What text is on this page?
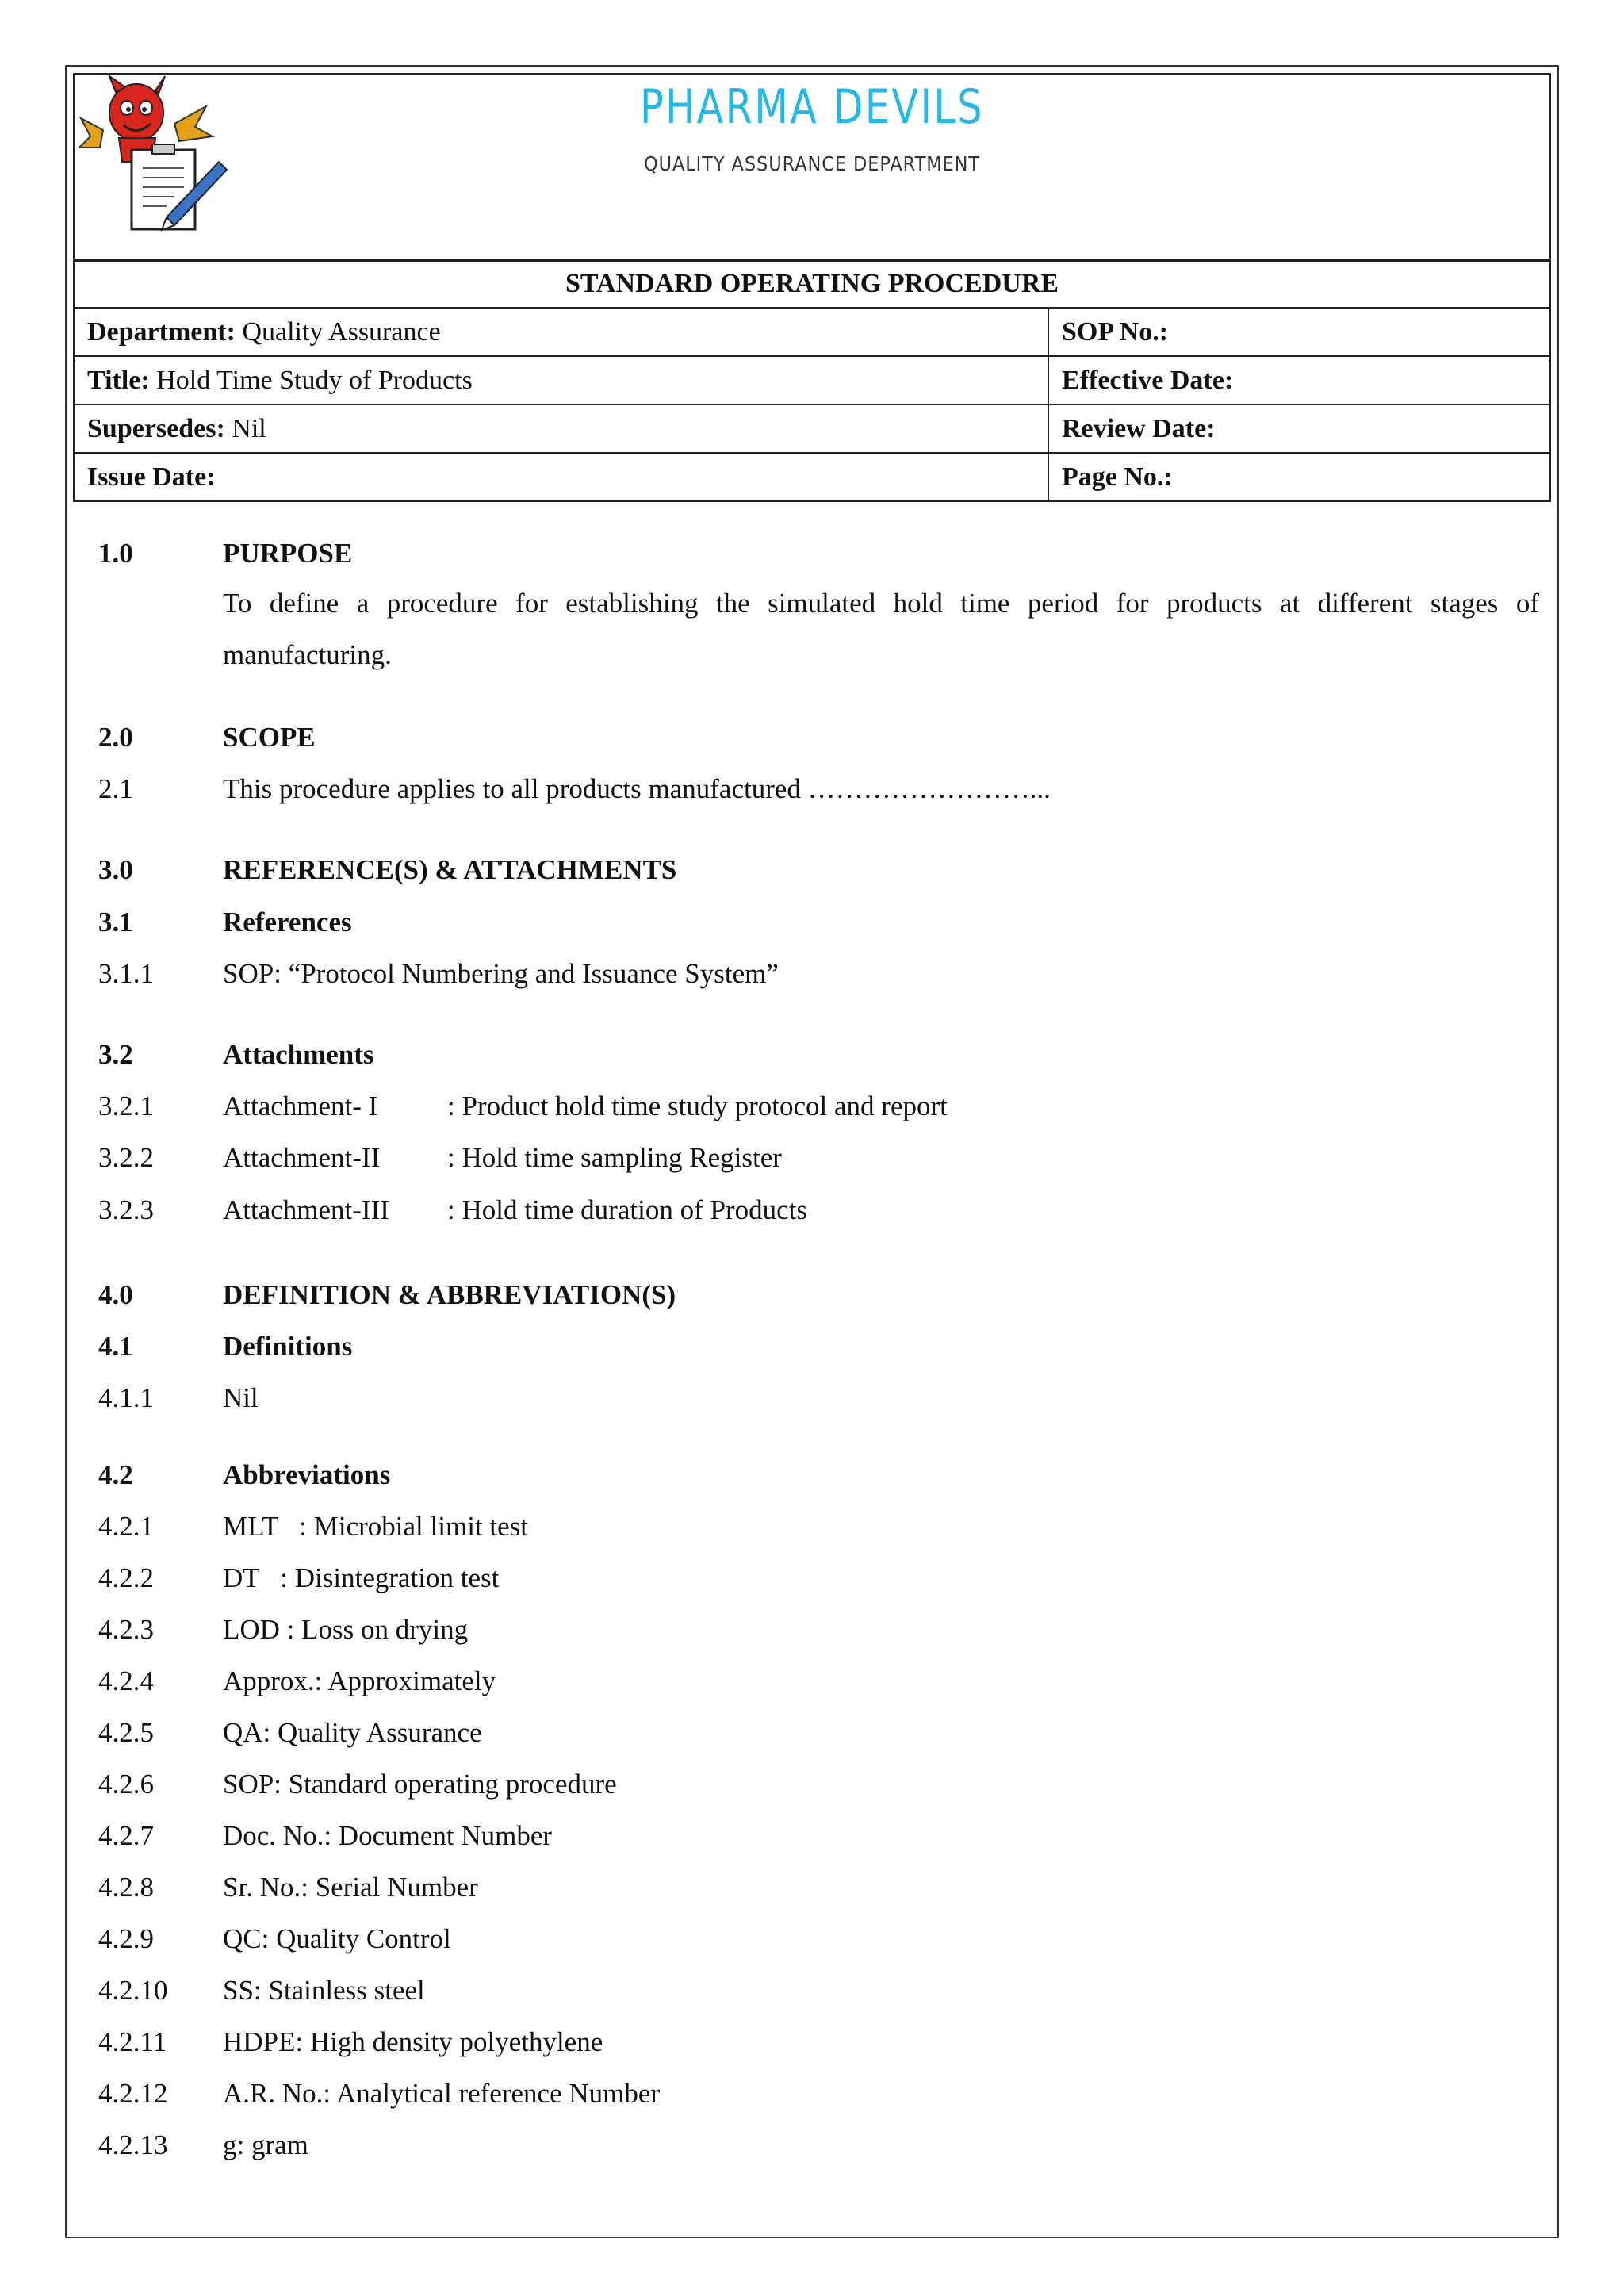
PHARMA DEVILS
QUALITY ASSURANCE DEPARTMENT
STANDARD OPERATING PROCEDURE	
Department: Quality Assurance	SOP No.:
Title: Hold Time Study of Products	Effective Date:
Supersedes: Nil	Review Date:
Issue Date:	Page No.:
1.0	PURPOSE
To define a procedure for establishing the simulated hold time period for products at different stages of manufacturing.
2.0	SCOPE
2.1	This procedure applies to all products manufactured ……………………...
3.0	REFERENCE(S) & ATTACHMENTS
3.1	References
3.1.1 SOP: “Protocol Numbering and Issuance System”
3.2	Attachments
3.2.1 Attachment- I	: Product hold time study protocol and report
3.2.2 Attachment-II : Hold time sampling Register
3.2.3 Attachment-III : Hold time duration of Products
4.0	DEFINITION & ABBREVIATION(S)
4.1	Definitions
4.1.1 Nil
4.2	Abbreviations
4.2.1 MLT   : Microbial limit test
4.2.2 DT   : Disintegration test
4.2.3 LOD : Loss on drying
4.2.4 Approx.: Approximately
4.2.5 QA: Quality Assurance
4.2.6 SOP: Standard operating procedure
4.2.7 Doc. No.: Document Number
4.2.8 Sr. No.: Serial Number
4.2.9 QC: Quality Control
4.2.10 SS: Stainless steel
4.2.11 HDPE: High density polyethylene
4.2.12 A.R. No.: Analytical reference Number
4.2.13 g: gram
